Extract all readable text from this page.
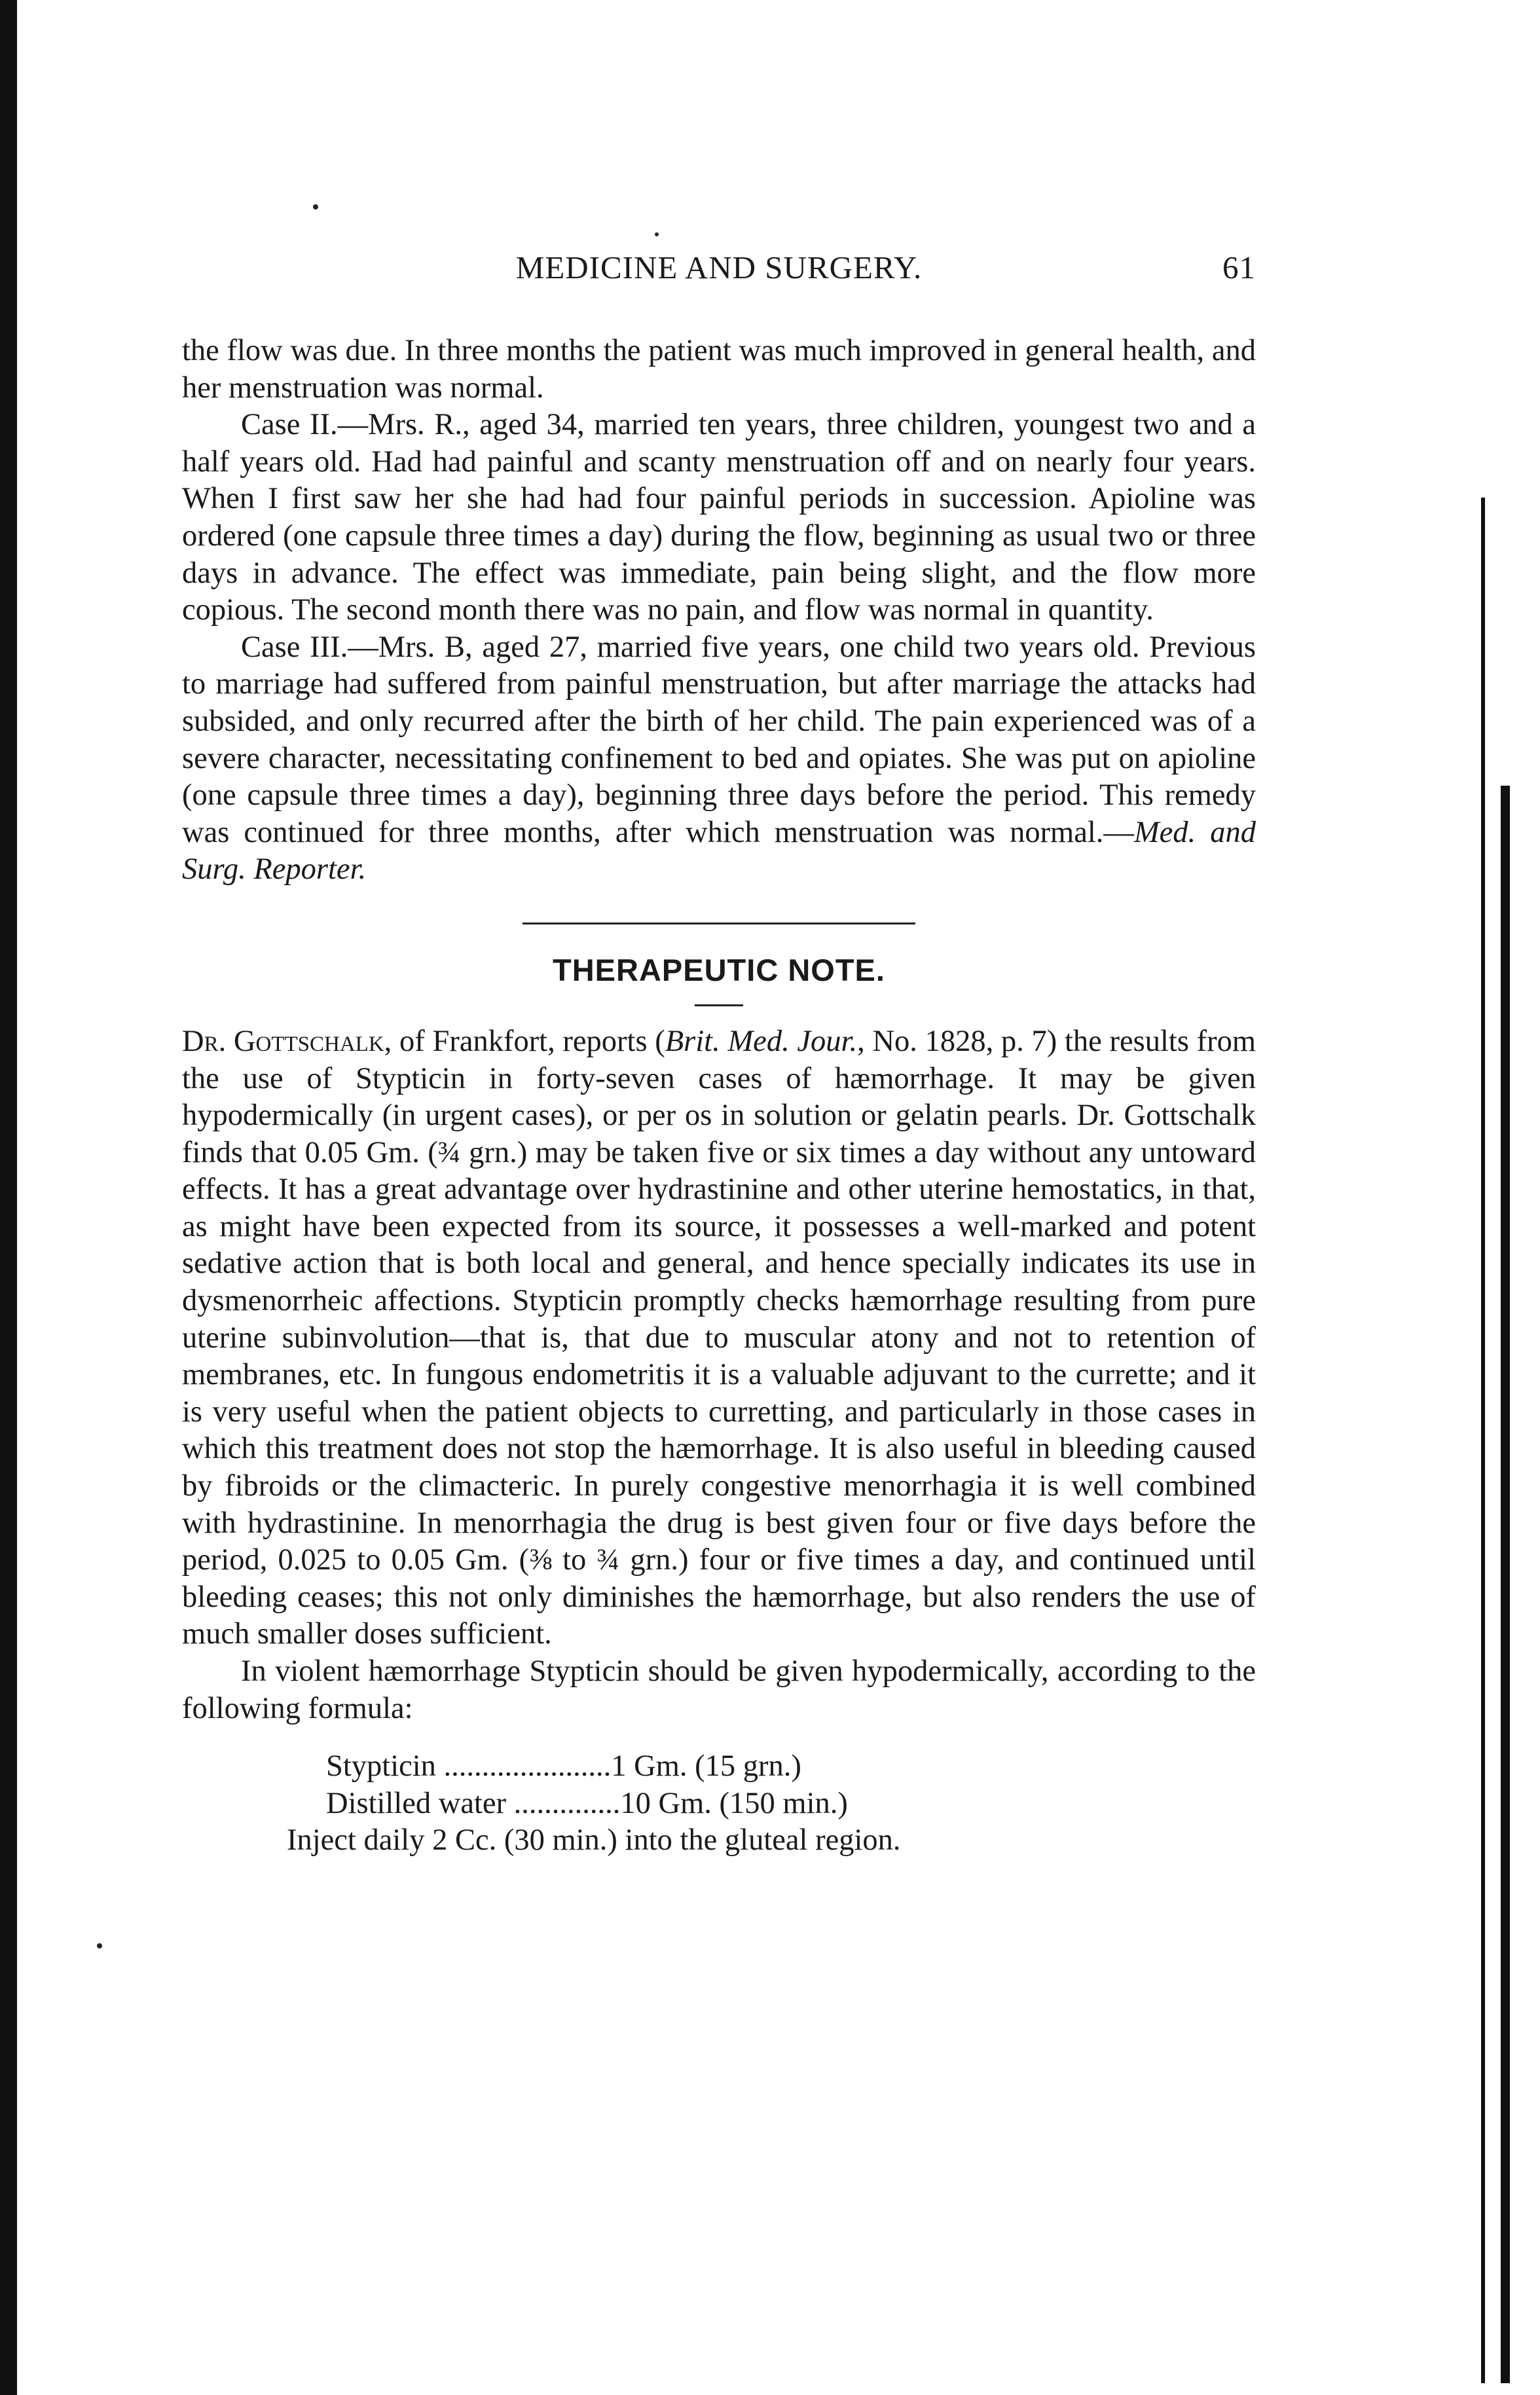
MEDICINE AND SURGERY.	61

the flow was due. In three months the patient was much improved in general health, and her menstruation was normal.

Case II.—Mrs. R., aged 34, married ten years, three children, youngest two and a half years old. Had had painful and scanty menstruation off and on nearly four years. When I first saw her she had had four painful periods in succession. Apioline was ordered (one capsule three times a day) during the flow, beginning as usual two or three days in advance. The effect was immediate, pain being slight, and the flow more copious. The second month there was no pain, and flow was normal in quantity.

Case III.—Mrs. B, aged 27, married five years, one child two years old. Previous to marriage had suffered from painful menstruation, but after marriage the attacks had subsided, and only recurred after the birth of her child. The pain experienced was of a severe character, necessitating confinement to bed and opiates. She was put on apioline (one capsule three times a day), beginning three days before the period. This remedy was continued for three months, after which menstruation was normal.—Med. and Surg. Reporter.

THERAPEUTIC NOTE.

Dr. Gottschalk, of Frankfort, reports (Brit. Med. Jour., No. 1828, p. 7) the results from the use of Stypticin in forty-seven cases of hæmorrhage. It may be given hypodermically (in urgent cases), or per os in solution or gelatin pearls. Dr. Gottschalk finds that 0.05 Gm. (¾ grn.) may be taken five or six times a day without any untoward effects. It has a great advantage over hydrastinine and other uterine hemostatics, in that, as might have been expected from its source, it possesses a well-marked and potent sedative action that is both local and general, and hence specially indicates its use in dysmenorrheic affections. Stypticin promptly checks hæmorrhage resulting from pure uterine subinvolution—that is, that due to muscular atony and not to retention of membranes, etc. In fungous endometritis it is a valuable adjuvant to the currette; and it is very useful when the patient objects to curretting, and particularly in those cases in which this treatment does not stop the hæmorrhage. It is also useful in bleeding caused by fibroids or the climacteric. In purely congestive menorrhagia it is well combined with hydrastinine. In menorrhagia the drug is best given four or five days before the period, 0.025 to 0.05 Gm. (⅜ to ¾ grn.) four or five times a day, and continued until bleeding ceases; this not only diminishes the hæmorrhage, but also renders the use of much smaller doses sufficient.

In violent hæmorrhage Stypticin should be given hypodermically, according to the following formula:

Stypticin ......................1 Gm. (15 grn.)
Distilled water ..............10 Gm. (150 min.)
Inject daily 2 Cc. (30 min.) into the gluteal region.
